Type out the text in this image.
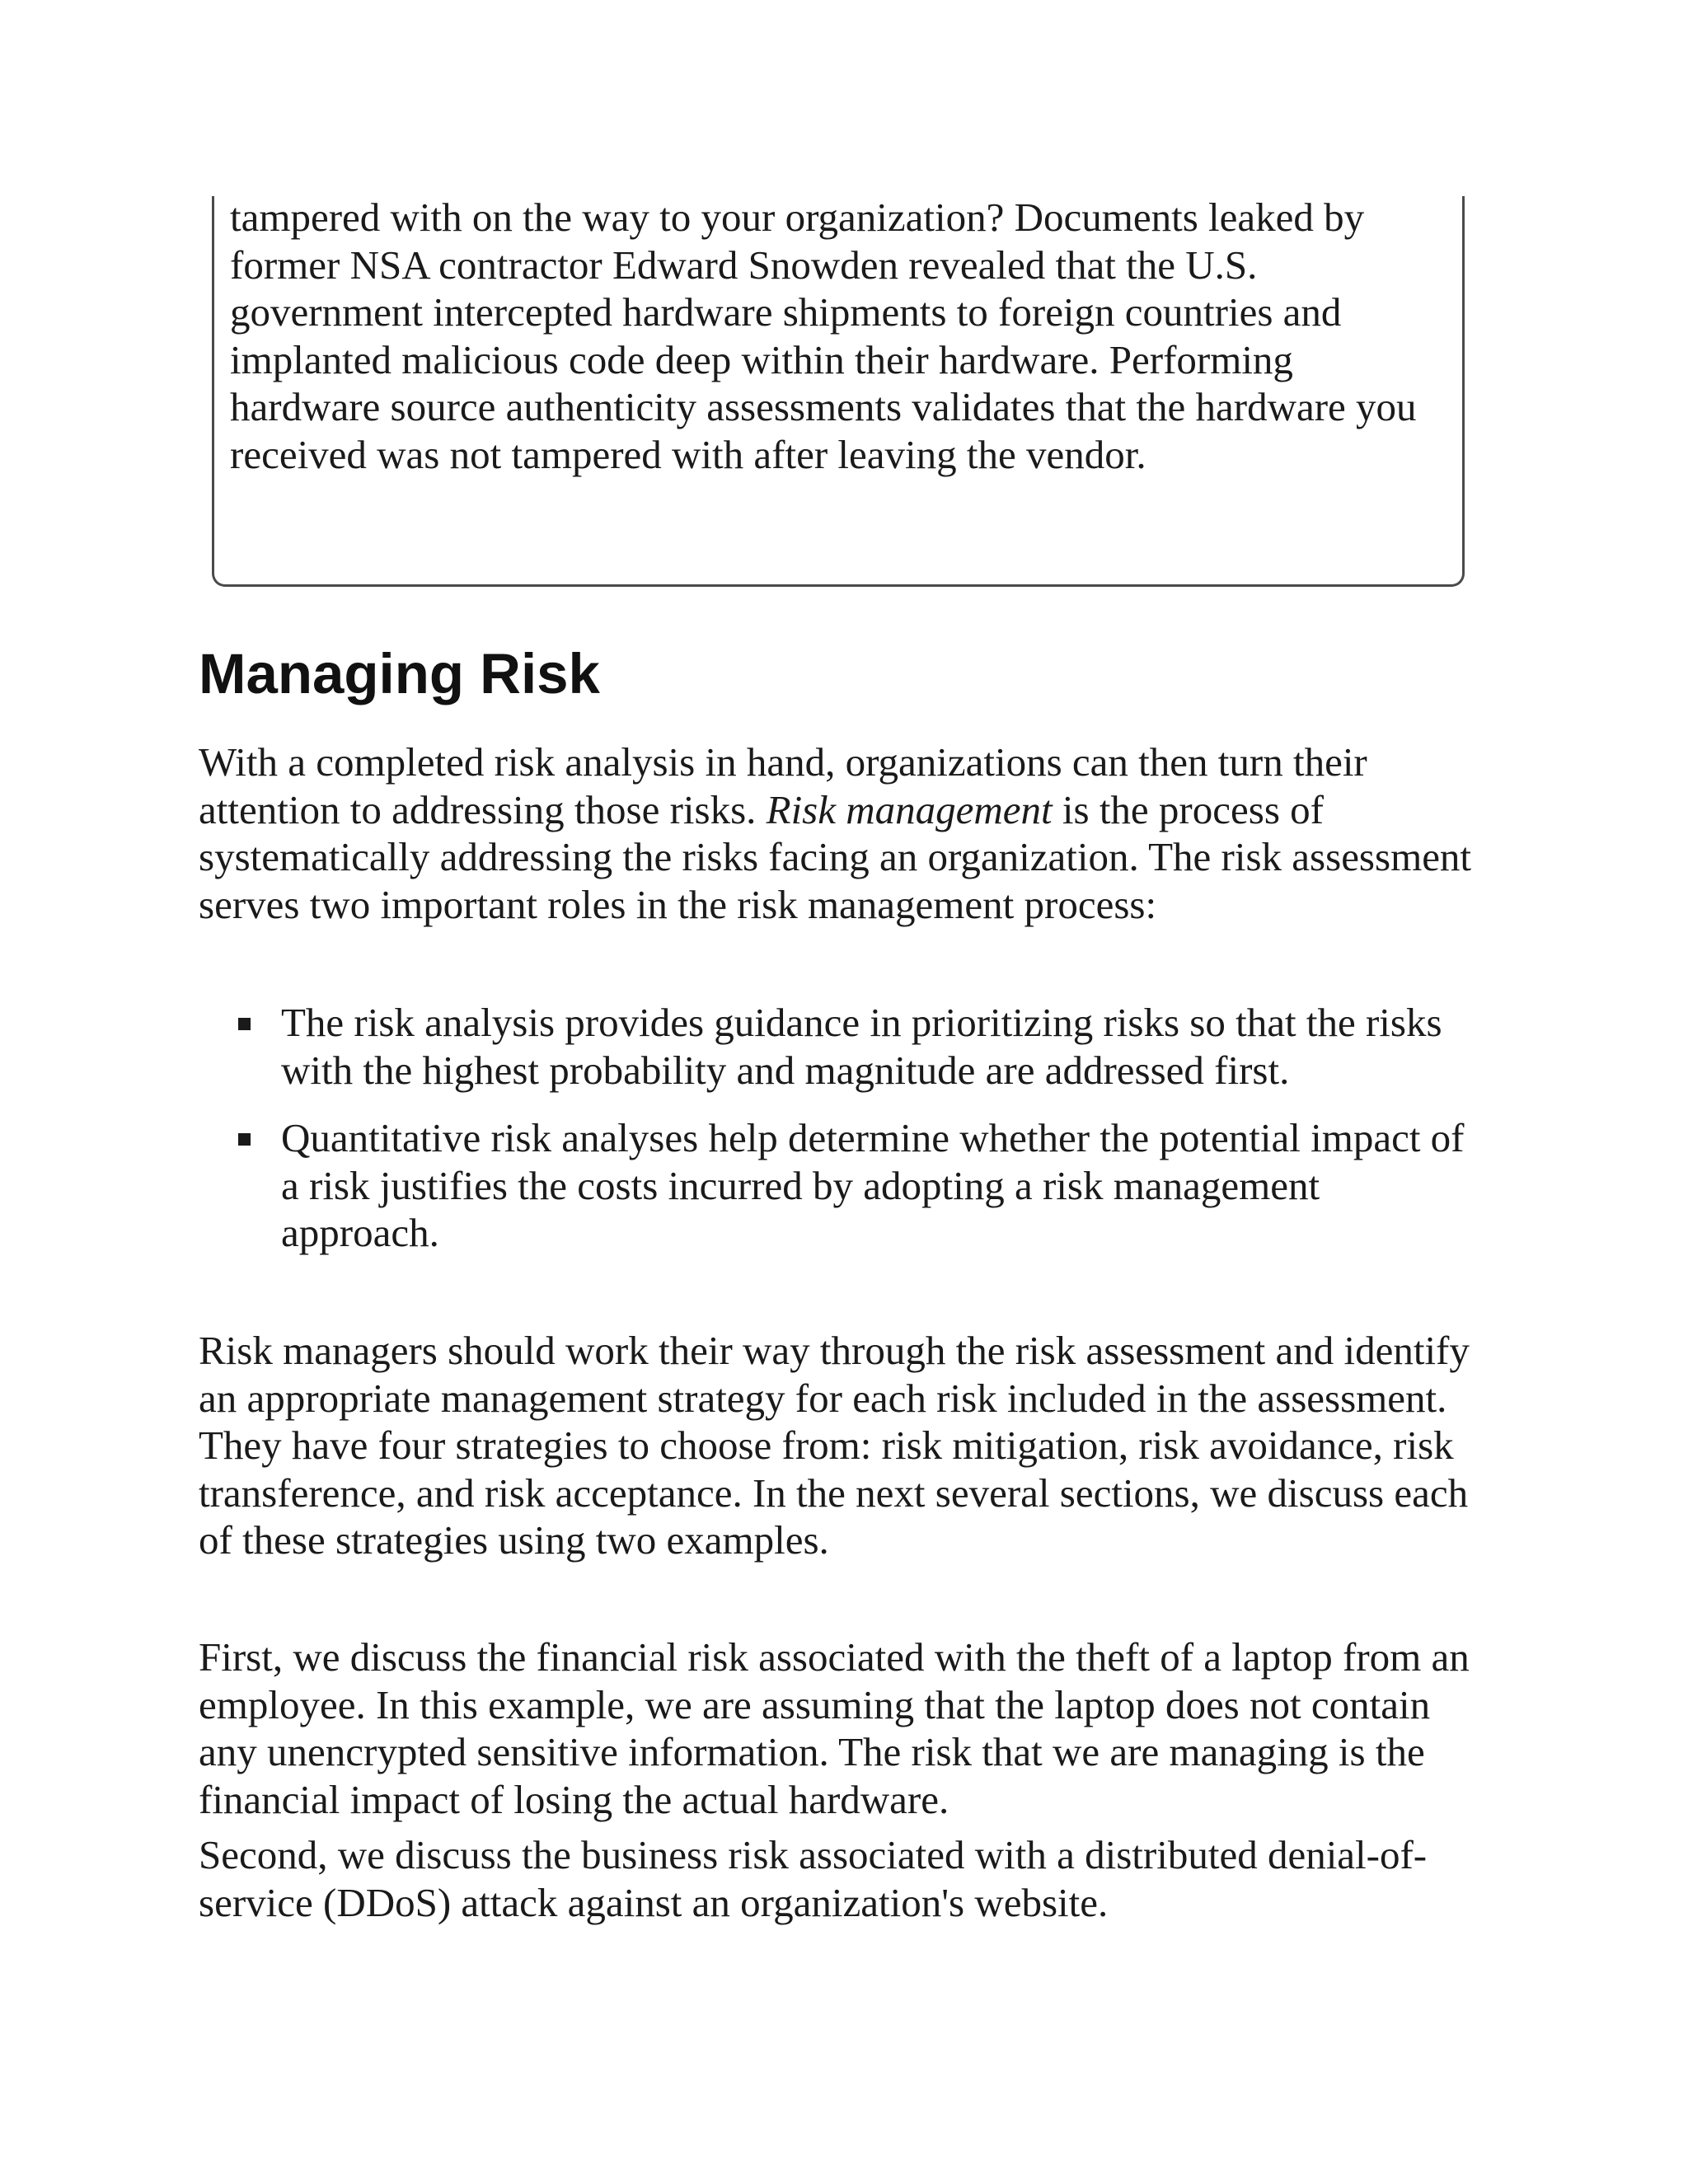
tampered with on the way to your organization? Documents leaked by former NSA contractor Edward Snowden revealed that the U.S. government intercepted hardware shipments to foreign countries and implanted malicious code deep within their hardware. Performing hardware source authenticity assessments validates that the hardware you received was not tampered with after leaving the vendor.

Managing Risk

With a completed risk analysis in hand, organizations can then turn their attention to addressing those risks. Risk management is the process of systematically addressing the risks facing an organization. The risk assessment serves two important roles in the risk management process:

The risk analysis provides guidance in prioritizing risks so that the risks with the highest probability and magnitude are addressed first.
Quantitative risk analyses help determine whether the potential impact of a risk justifies the costs incurred by adopting a risk management approach.

Risk managers should work their way through the risk assessment and identify an appropriate management strategy for each risk included in the assessment. They have four strategies to choose from: risk mitigation, risk avoidance, risk transference, and risk acceptance. In the next several sections, we discuss each of these strategies using two examples.

First, we discuss the financial risk associated with the theft of a laptop from an employee. In this example, we are assuming that the laptop does not contain any unencrypted sensitive information. The risk that we are managing is the financial impact of losing the actual hardware.

Second, we discuss the business risk associated with a distributed denial-of-service (DDoS) attack against an organization's website.
